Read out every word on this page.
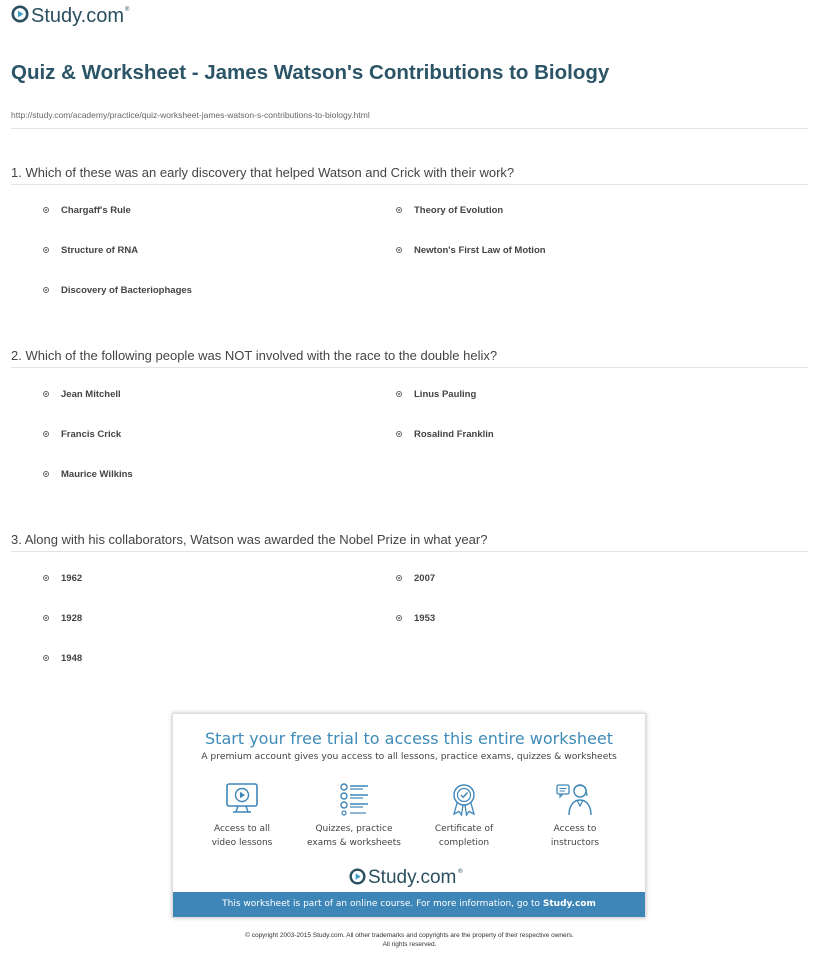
Study.com ®
Quiz & Worksheet - James Watson's Contributions to Biology
http://study.com/academy/practice/quiz-worksheet-james-watson-s-contributions-to-biology.html
1. Which of these was an early discovery that helped Watson and Crick with their work?
Chargaff's Rule	Theory of Evolution
Structure of RNA	Newton's First Law of Motion
Discovery of Bacteriophages
2. Which of the following people was NOT involved with the race to the double helix?
Jean Mitchell	Linus Pauling
Francis Crick	Rosalind Franklin
Maurice Wilkins
3. Along with his collaborators, Watson was awarded the Nobel Prize in what year?
1962	2007
1928	1953
1948
Start your free trial to access this entire worksheet
A premium account gives you access to all lessons, practice exams, quizzes & worksheets
Access to all
video lessons
Quizzes, practice
exams & worksheets
Certificate of
completion
Access to
instructors
Study.com ®
This worksheet is part of an online course. For more information, go to Study.com
© copyright 2003-2015 Study.com. All other trademarks and copyrights are the property of their respective owners.
All rights reserved.
